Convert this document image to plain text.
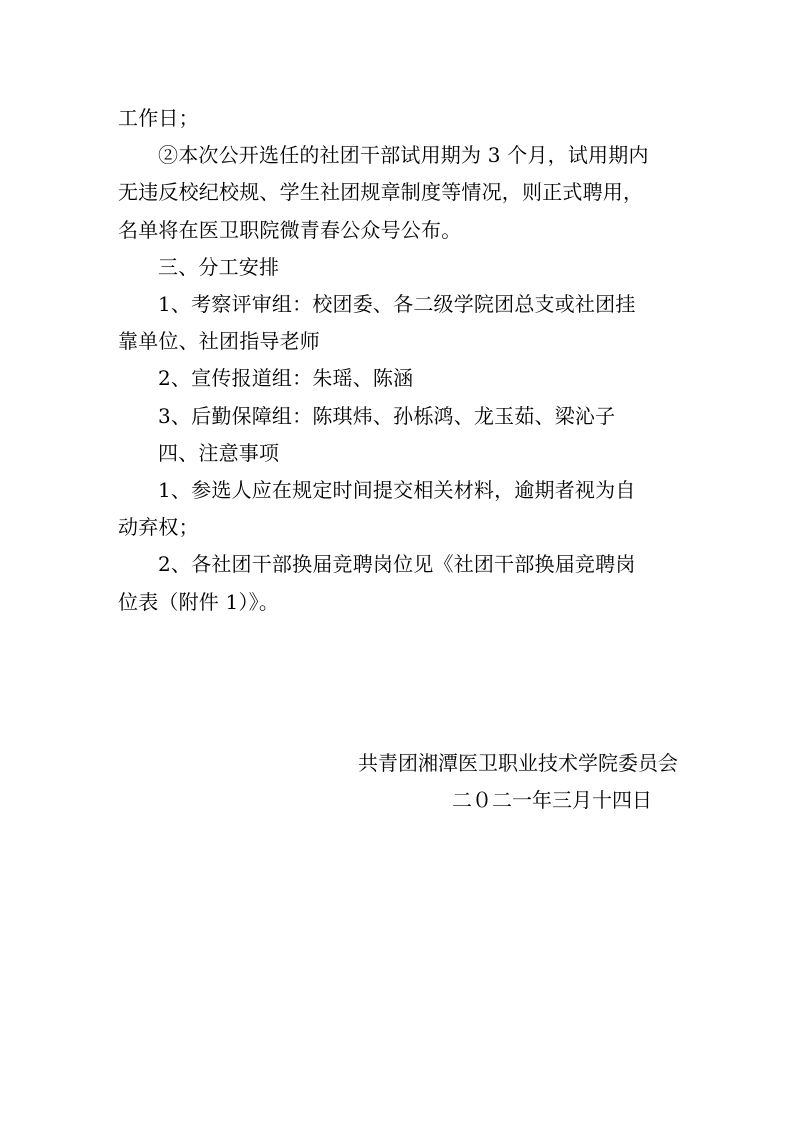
工作日；
②本次公开选任的社团干部试用期为 3 个月，试用期内
无违反校纪校规、学生社团规章制度等情况，则正式聘用，
名单将在医卫职院微青春公众号公布。
三、分工安排
1、考察评审组：校团委、各二级学院团总支或社团挂
靠单位、社团指导老师
2、宣传报道组：朱瑶、陈涵
3、后勤保障组：陈琪炜、孙栎鸿、龙玉茹、梁沁子
四、注意事项
1、参选人应在规定时间提交相关材料，逾期者视为自
动弃权；
2、各社团干部换届竞聘岗位见《社团干部换届竞聘岗
位表（附件 1）》。
共青团湘潭医卫职业技术学院委员会
二０二一年三月十四日
